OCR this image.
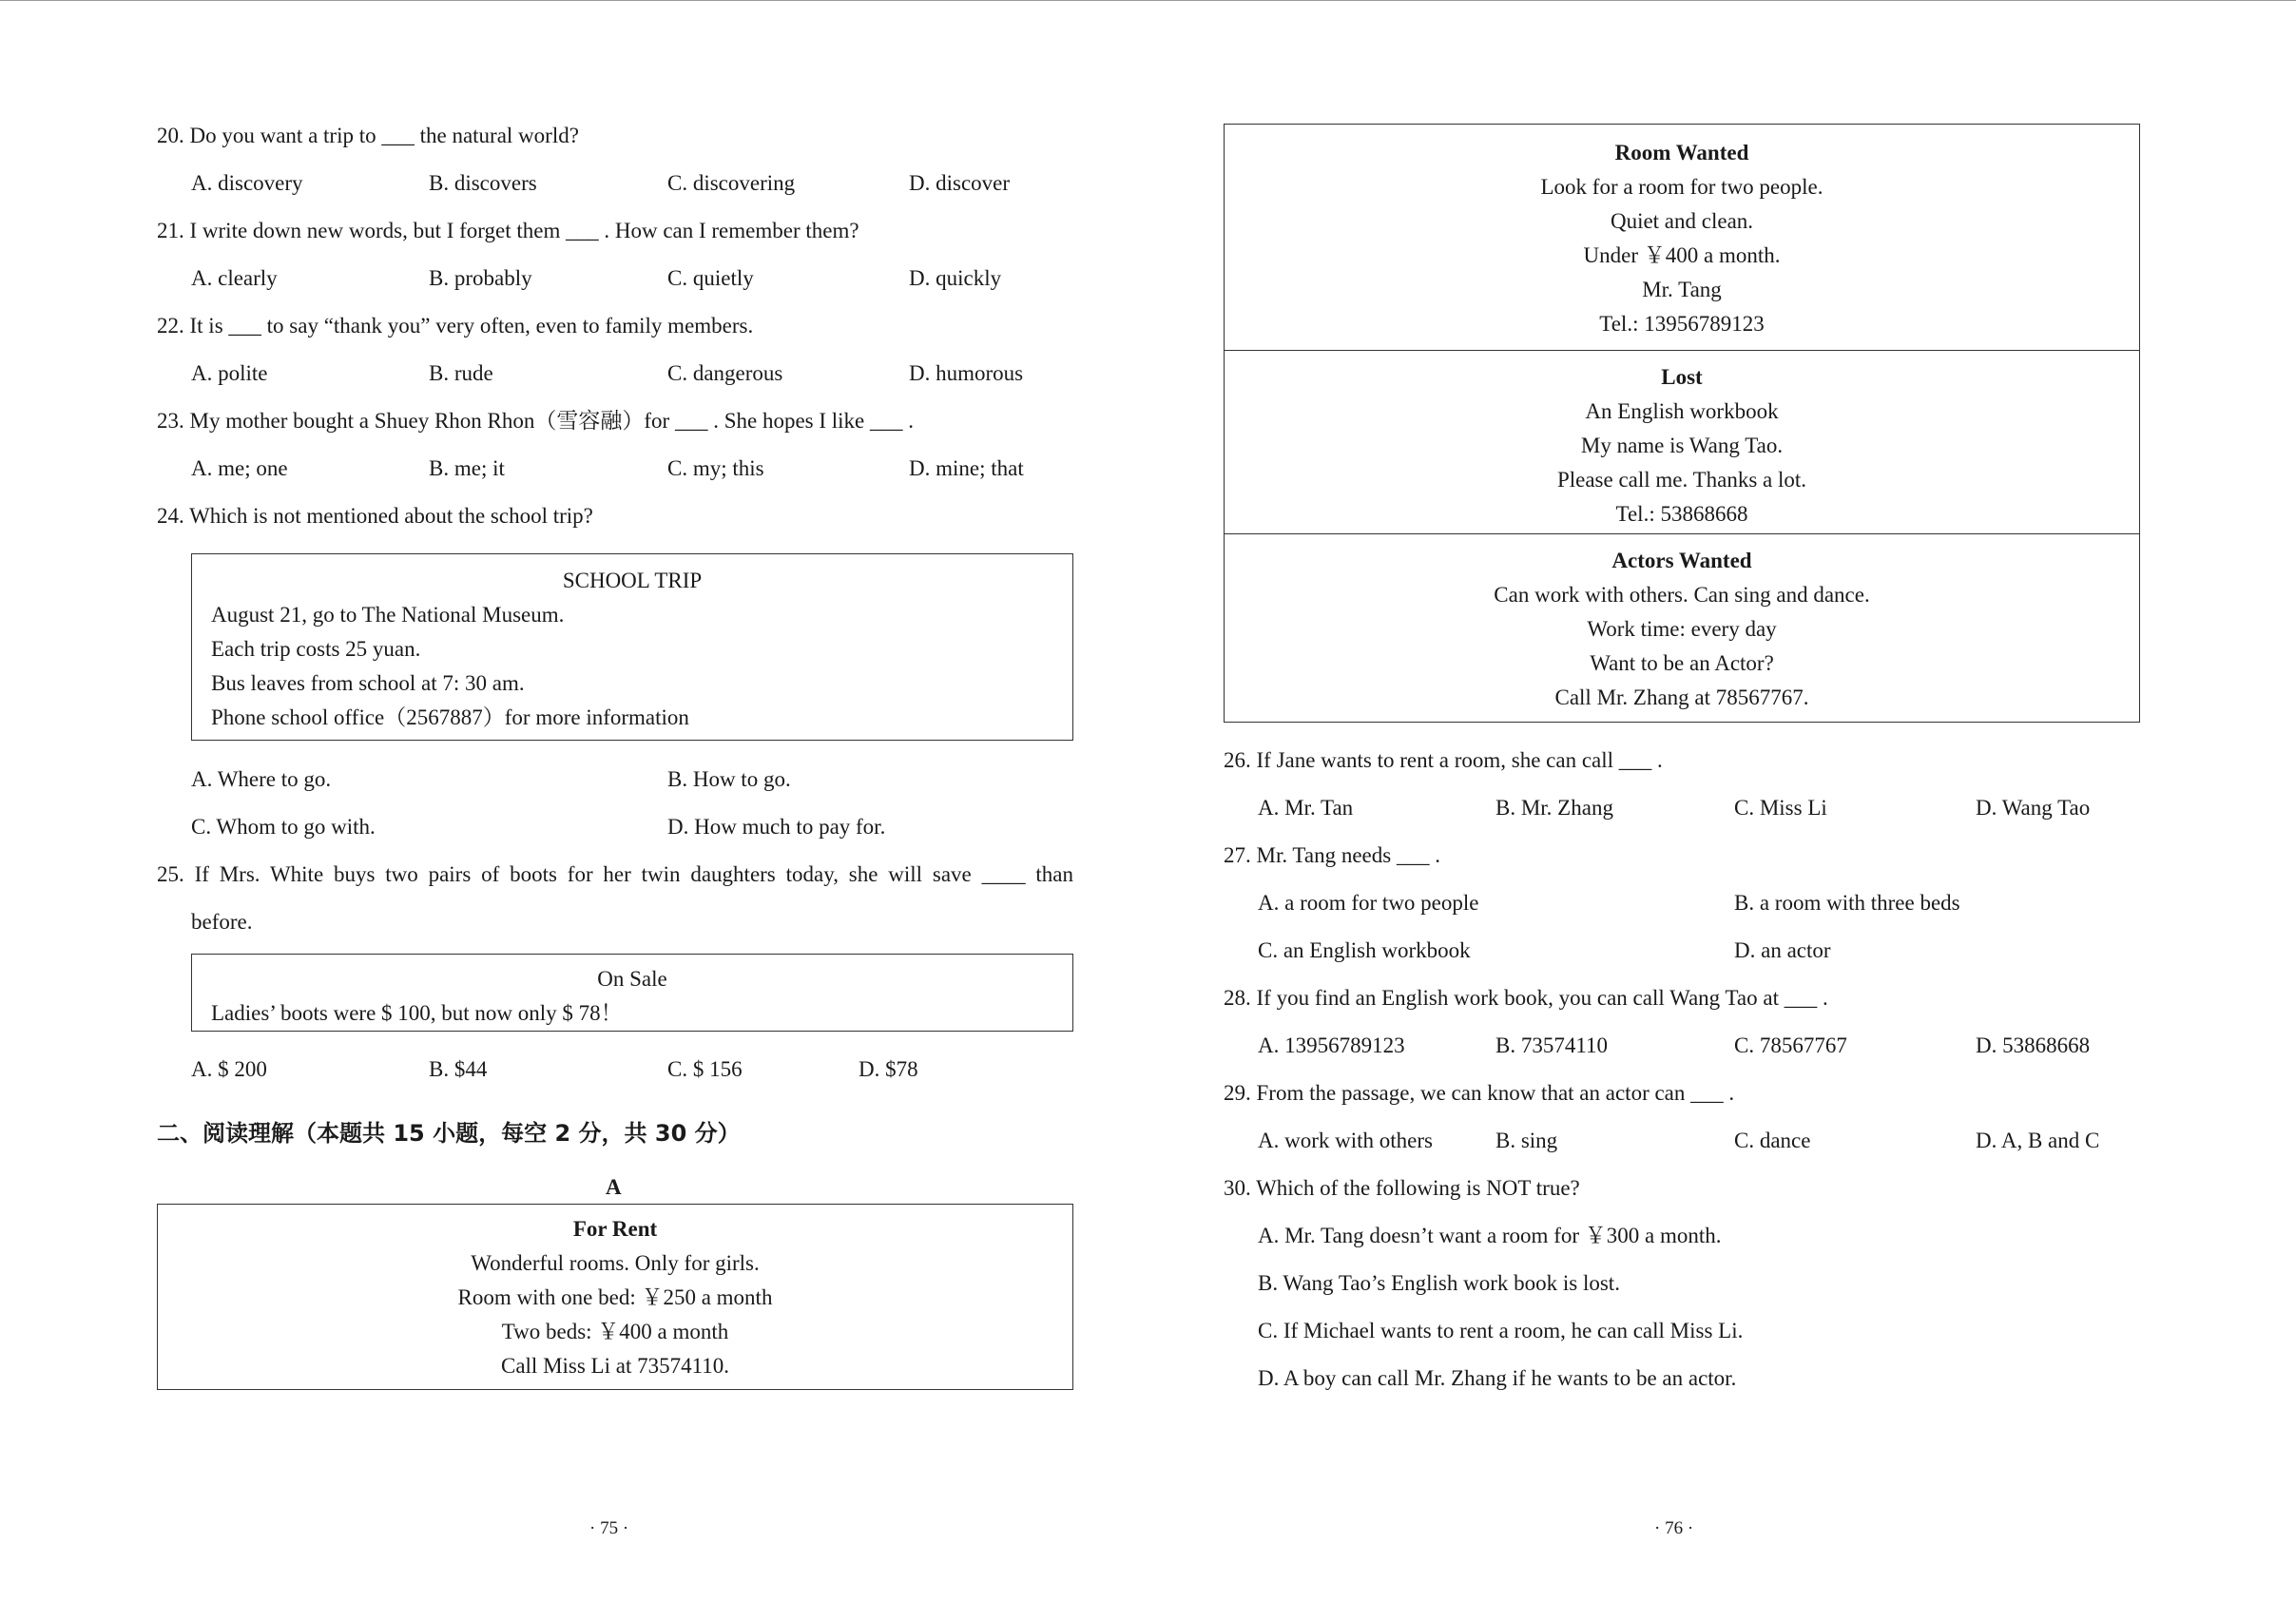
20. Do you want a trip to ___ the natural world?
A. discovery	B. discovers	C. discovering	D. discover
21. I write down new words, but I forget them ___ . How can I remember them?
A. clearly	B. probably	C. quietly	D. quickly
22. It is ___ to say “thank you” very often, even to family members.
A. polite	B. rude	C. dangerous	D. humorous
23. My mother bought a Shuey Rhon Rhon（雪容融）for ___ . She hopes I like ___ .
A. me; one	B. me; it	C. my; this	D. mine; that
24. Which is not mentioned about the school trip?
SCHOOL TRIP
August 21, go to The National Museum.
Each trip costs 25 yuan.
Bus leaves from school at 7: 30 am.
Phone school office（2567887）for more information
A. Where to go.	B. How to go.
C. Whom to go with.	D. How much to pay for.
25. If Mrs. White buys two pairs of boots for her twin daughters today, she will save ____ than
before.
On Sale
Ladies’ boots were $ 100, but now only $ 78！
A. $ 200	B. $44	C. $ 156	D. $78
二、阅读理解（本题共 15 小题，每空 2 分，共 30 分）
A
For Rent
Wonderful rooms. Only for girls.
Room with one bed: ￥250 a month
Two beds: ￥400 a month
Call Miss Li at 73574110.
· 75 ·
Room Wanted
Look for a room for two people.
Quiet and clean.
Under ￥400 a month.
Mr. Tang
Tel.: 13956789123
Lost
An English workbook
My name is Wang Tao.
Please call me. Thanks a lot.
Tel.: 53868668
Actors Wanted
Can work with others. Can sing and dance.
Work time: every day
Want to be an Actor?
Call Mr. Zhang at 78567767.
26. If Jane wants to rent a room, she can call ___ .
A. Mr. Tan	B. Mr. Zhang	C. Miss Li	D. Wang Tao
27. Mr. Tang needs ___ .
A. a room for two people	B. a room with three beds
C. an English workbook	D. an actor
28. If you find an English work book, you can call Wang Tao at ___ .
A. 13956789123	B. 73574110	C. 78567767	D. 53868668
29. From the passage, we can know that an actor can ___ .
A. work with others	B. sing	C. dance	D. A, B and C
30. Which of the following is NOT true?
A. Mr. Tang doesn’t want a room for ￥300 a month.
B. Wang Tao’s English work book is lost.
C. If Michael wants to rent a room, he can call Miss Li.
D. A boy can call Mr. Zhang if he wants to be an actor.
· 76 ·
